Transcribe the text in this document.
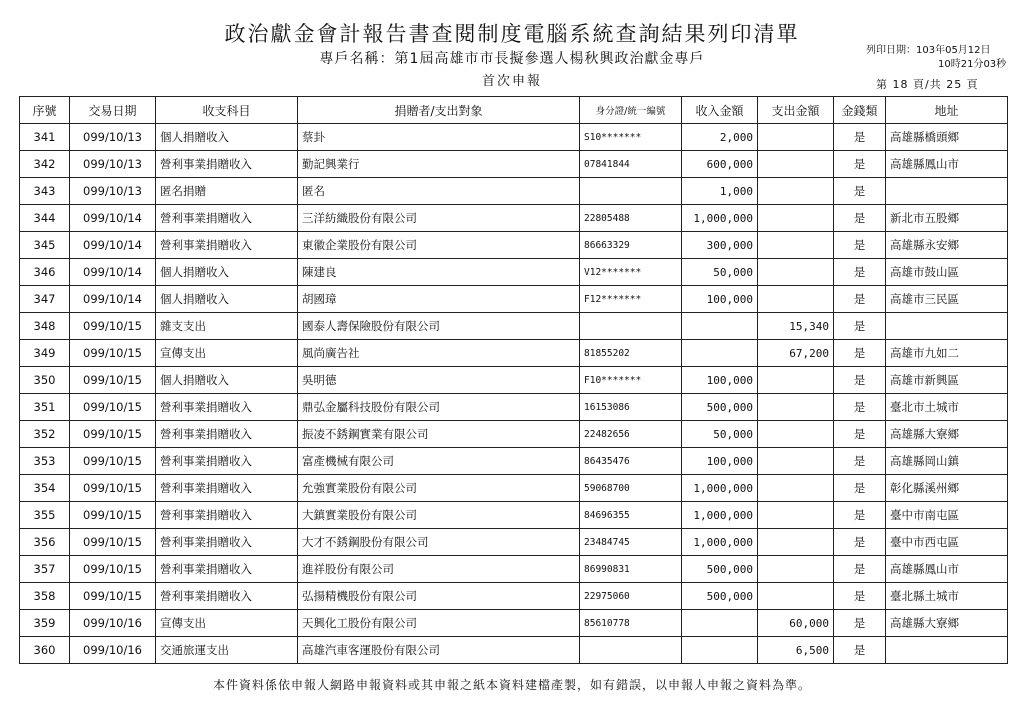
政治獻金會計報告書查閱制度電腦系統查詢結果列印清單
專戶名稱：第1屆高雄市市長擬參選人楊秋興政治獻金專戶
首次申報
列印日期：103年05月12日
10時21分03秒
第 18 頁/共 25 頁
序號	交易日期	收支科目	捐贈者/支出對象	身分證/統一編號	收入金額	支出金額	金錢類	地址
341	099/10/13	個人捐贈收入	蔡卦	S10*******	2,000		是	高雄縣橋頭鄉
342	099/10/13	營利事業捐贈收入	勤記興業行	07841844	600,000		是	高雄縣鳳山市
343	099/10/13	匿名捐贈	匿名		1,000		是	
344	099/10/14	營利事業捐贈收入	三洋紡織股份有限公司	22805488	1,000,000		是	新北市五股鄉
345	099/10/14	營利事業捐贈收入	東徽企業股份有限公司	86663329	300,000		是	高雄縣永安鄉
346	099/10/14	個人捐贈收入	陳建良	V12*******	50,000		是	高雄市鼓山區
347	099/10/14	個人捐贈收入	胡國璋	F12*******	100,000		是	高雄市三民區
348	099/10/15	雜支支出	國泰人壽保險股份有限公司			15,340	是	
349	099/10/15	宣傳支出	風尚廣告社	81855202		67,200	是	高雄市九如二
350	099/10/15	個人捐贈收入	吳明德	F10*******	100,000		是	高雄市新興區
351	099/10/15	營利事業捐贈收入	鼎弘金屬科技股份有限公司	16153086	500,000		是	臺北市土城市
352	099/10/15	營利事業捐贈收入	振凌不銹鋼實業有限公司	22482656	50,000		是	高雄縣大寮鄉
353	099/10/15	營利事業捐贈收入	富產機械有限公司	86435476	100,000		是	高雄縣岡山鎮
354	099/10/15	營利事業捐贈收入	允強實業股份有限公司	59068700	1,000,000		是	彰化縣溪州鄉
355	099/10/15	營利事業捐贈收入	大鎮實業股份有限公司	84696355	1,000,000		是	臺中市南屯區
356	099/10/15	營利事業捐贈收入	大才不銹鋼股份有限公司	23484745	1,000,000		是	臺中市西屯區
357	099/10/15	營利事業捐贈收入	進祥股份有限公司	86990831	500,000		是	高雄縣鳳山市
358	099/10/15	營利事業捐贈收入	弘揚精機股份有限公司	22975060	500,000		是	臺北縣土城市
359	099/10/16	宣傳支出	天興化工股份有限公司	85610778		60,000	是	高雄縣大寮鄉
360	099/10/16	交通旅運支出	高雄汽車客運股份有限公司			6,500	是	
本件資料係依申報人網路申報資料或其申報之紙本資料建檔產製，如有錯誤，以申報人申報之資料為準。
